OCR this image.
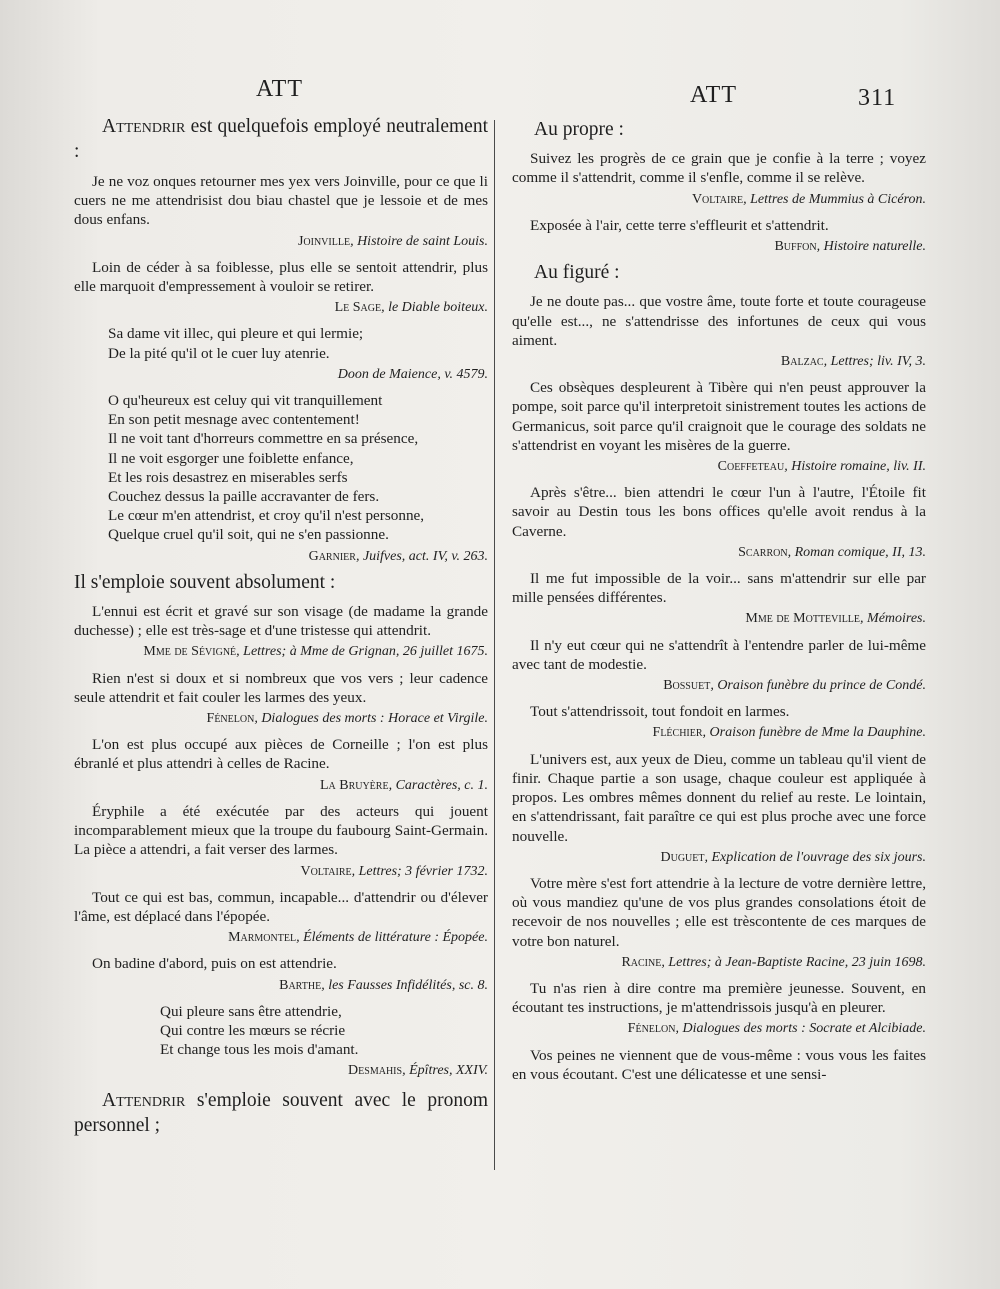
ATT	ATT	311

Attendrir est quelquefois employé neutralement :

Je ne voz onques retourner mes yex vers Joinville, pour ce que li cuers ne me attendrisist dou biau chastel que je lessoie et de mes dous enfans.

Joinville, Histoire de saint Louis.

Loin de céder à sa foiblesse, plus elle se sentoit attendrir, plus elle marquoit d'empressement à vouloir se retirer.

Le Sage, le Diable boiteux.
Sa dame vit illec, qui pleure et qui lermie;
De la pité qu'il ot le cuer luy atenrie.
Doon de Maience, v. 4579.
O qu'heureux est celuy qui vit tranquillement
En son petit mesnage avec contentement!
Il ne voit tant d'horreurs commettre en sa présence,
Il ne voit esgorger une foiblette enfance,
Et les rois desastrez en miserables serfs
Couchez dessus la paille accravanter de fers.
Le cœur m'en attendrist, et croy qu'il n'est personne,
Quelque cruel qu'il soit, qui ne s'en passionne.
Garnier, Juifves, act. IV, v. 263.
Il s'emploie souvent absolument :

L'ennui est écrit et gravé sur son visage (de madame la grande duchesse) ; elle est très-sage et d'une tristesse qui attendrit.

Mme de Sévigné, Lettres; à Mme de Grignan, 26 juillet 1675.

Rien n'est si doux et si nombreux que vos vers ; leur cadence seule attendrit et fait couler les larmes des yeux.

Fénelon, Dialogues des morts : Horace et Virgile.

L'on est plus occupé aux pièces de Corneille ; l'on est plus ébranlé et plus attendri à celles de Racine.

La Bruyère, Caractères, c. 1.

Éryphile a été exécutée par des acteurs qui jouent incomparablement mieux que la troupe du faubourg Saint-Germain. La pièce a attendri, a fait verser des larmes.

Voltaire, Lettres; 3 février 1732.

Tout ce qui est bas, commun, incapable... d'attendrir ou d'élever l'âme, est déplacé dans l'épopée.

Marmontel, Éléments de littérature : Épopée.

On badine d'abord, puis on est attendrie.

Barthe, les Fausses Infidélités, sc. 8.
Qui pleure sans être attendrie,
Qui contre les mœurs se récrie
Et change tous les mois d'amant.
Desmahis, Épîtres, XXIV.

Attendrir s'emploie souvent avec le pronom personnel ;

Au propre :

Suivez les progrès de ce grain que je confie à la terre ; voyez comme il s'attendrit, comme il s'enfle, comme il se relève.

Voltaire, Lettres de Mummius à Cicéron.

Exposée à l'air, cette terre s'effleurit et s'attendrit.

Buffon, Histoire naturelle.
Au figuré :

Je ne doute pas... que vostre âme, toute forte et toute courageuse qu'elle est..., ne s'attendrisse des infortunes de ceux qui vous aiment.

Balzac, Lettres; liv. IV, 3.

Ces obsèques despleurent à Tibère qui n'en peust approuver la pompe, soit parce qu'il interpretoit sinistrement toutes les actions de Germanicus, soit parce qu'il craignoit que le courage des soldats ne s'attendrist en voyant les misères de la guerre.

Coeffeteau, Histoire romaine, liv. II.

Après s'être... bien attendri le cœur l'un à l'autre, l'Étoile fit savoir au Destin tous les bons offices qu'elle avoit rendus à la Caverne.

Scarron, Roman comique, II, 13.

Il me fut impossible de la voir... sans m'attendrir sur elle par mille pensées différentes.

Mme de Motteville, Mémoires.

Il n'y eut cœur qui ne s'attendrît à l'entendre parler de lui-même avec tant de modestie.

Bossuet, Oraison funèbre du prince de Condé.

Tout s'attendrissoit, tout fondoit en larmes.

Fléchier, Oraison funèbre de Mme la Dauphine.

L'univers est, aux yeux de Dieu, comme un tableau qu'il vient de finir. Chaque partie a son usage, chaque couleur est appliquée à propos. Les ombres mêmes donnent du relief au reste. Le lointain, en s'attendrissant, fait paraître ce qui est plus proche avec une force nouvelle.

Duguet, Explication de l'ouvrage des six jours.

Votre mère s'est fort attendrie à la lecture de votre dernière lettre, où vous mandiez qu'une de vos plus grandes consolations étoit de recevoir de nos nouvelles ; elle est trèscontente de ces marques de votre bon naturel.

Racine, Lettres; à Jean-Baptiste Racine, 23 juin 1698.

Tu n'as rien à dire contre ma première jeunesse. Souvent, en écoutant tes instructions, je m'attendrissois jusqu'à en pleurer.

Fénelon, Dialogues des morts : Socrate et Alcibiade.

Vos peines ne viennent que de vous-même : vous vous les faites en vous écoutant. C'est une délicatesse et une sensi-
